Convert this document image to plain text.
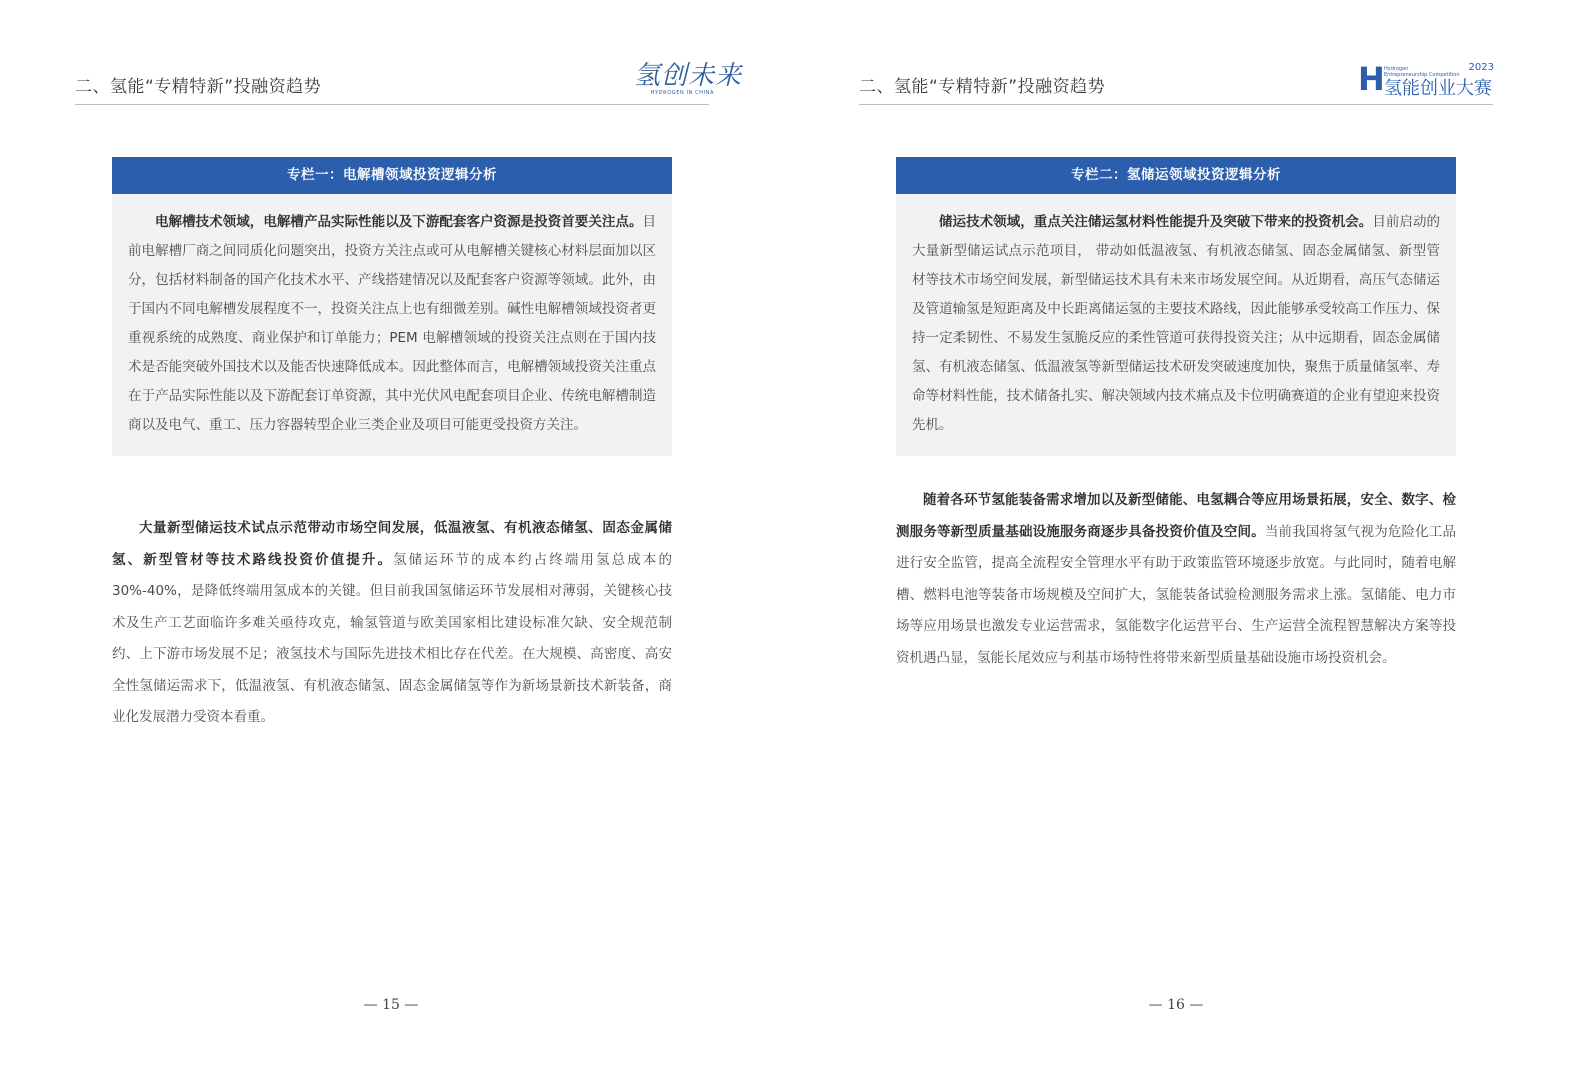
二、氢能“专精特新”投融资趋势	氢创未来
HYDROGEN IN CHINA
专栏一：电解槽领域投资逻辑分析
电解槽技术领域，电解槽产品实际性能以及下游配套客户资源是投资首要关注点。目前电解槽厂商之间同质化问题突出，投资方关注点或可从电解槽关键核心材料层面加以区分，包括材料制备的国产化技术水平、产线搭建情况以及配套客户资源等领域。此外，由于国内不同电解槽发展程度不一，投资关注点上也有细微差别。碱性电解槽领域投资者更重视系统的成熟度、商业保护和订单能力；PEM 电解槽领域的投资关注点则在于国内技术是否能突破外国技术以及能否快速降低成本。因此整体而言，电解槽领域投资关注重点在于产品实际性能以及下游配套订单资源，其中光伏风电配套项目企业、传统电解槽制造商以及电气、重工、压力容器转型企业三类企业及项目可能更受投资方关注。
大量新型储运技术试点示范带动市场空间发展，低温液氢、有机液态储氢、固态金属储氢、新型管材等技术路线投资价值提升。氢储运环节的成本约占终端用氢总成本的 30%-40%，是降低终端用氢成本的关键。但目前我国氢储运环节发展相对薄弱，关键核心技术及生产工艺面临许多难关亟待攻克，输氢管道与欧美国家相比建设标准欠缺、安全规范制约、上下游市场发展不足；液氢技术与国际先进技术相比存在代差。在大规模、高密度、高安全性氢储运需求下，低温液氢、有机液态储氢、固态金属储氢等作为新场景新技术新装备，商业化发展潜力受资本看重。
— 15 —
二、氢能“专精特新”投融资趋势	H	2023
Hydrogen
Entrepreneurship Competition
氢能创业大赛
专栏二：氢储运领域投资逻辑分析
储运技术领域，重点关注储运氢材料性能提升及突破下带来的投资机会。目前启动的大量新型储运试点示范项目， 带动如低温液氢、有机液态储氢、固态金属储氢、新型管材等技术市场空间发展，新型储运技术具有未来市场发展空间。从近期看，高压气态储运及管道输氢是短距离及中长距离储运氢的主要技术路线，因此能够承受较高工作压力、保持一定柔韧性、不易发生氢脆反应的柔性管道可获得投资关注；从中远期看，固态金属储氢、有机液态储氢、低温液氢等新型储运技术研发突破速度加快，聚焦于质量储氢率、寿命等材料性能，技术储备扎实、解决领域内技术痛点及卡位明确赛道的企业有望迎来投资先机。
随着各环节氢能装备需求增加以及新型储能、电氢耦合等应用场景拓展，安全、数字、检测服务等新型质量基础设施服务商逐步具备投资价值及空间。当前我国将氢气视为危险化工品进行安全监管，提高全流程安全管理水平有助于政策监管环境逐步放宽。与此同时，随着电解槽、燃料电池等装备市场规模及空间扩大，氢能装备试验检测服务需求上涨。氢储能、电力市场等应用场景也激发专业运营需求，氢能数字化运营平台、生产运营全流程智慧解决方案等投资机遇凸显，氢能长尾效应与利基市场特性将带来新型质量基础设施市场投资机会。
— 16 —
